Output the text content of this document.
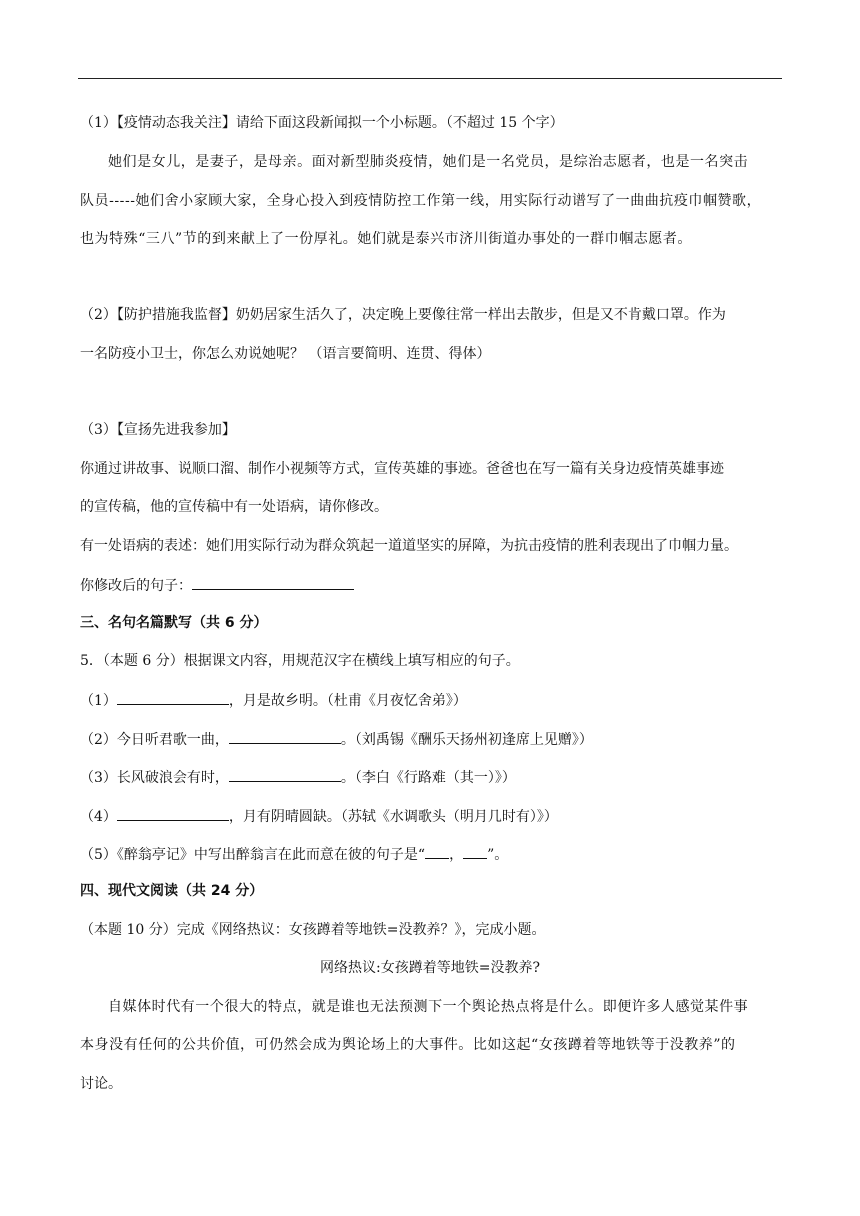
（1）【疫情动态我关注】请给下面这段新闻拟一个小标题。（不超过 15 个字）
她们是女儿，是妻子，是母亲。面对新型肺炎疫情，她们是一名党员，是综治志愿者，也是一名突击
队员-----她们舍小家顾大家，全身心投入到疫情防控工作第一线，用实际行动谱写了一曲曲抗疫巾帼赞歌，
也为特殊“三八”节的到来献上了一份厚礼。她们就是泰兴市济川街道办事处的一群巾帼志愿者。
（2）【防护措施我监督】奶奶居家生活久了，决定晚上要像往常一样出去散步，但是又不肯戴口罩。作为
一名防疫小卫士，你怎么劝说她呢？ （语言要简明、连贯、得体）
（3）【宣扬先进我参加】
你通过讲故事、说顺口溜、制作小视频等方式，宣传英雄的事迹。爸爸也在写一篇有关身边疫情英雄事迹
的宣传稿，他的宣传稿中有一处语病，请你修改。
有一处语病的表述：她们用实际行动为群众筑起一道道坚实的屏障，为抗击疫情的胜利表现出了巾帼力量。
你修改后的句子：
三、名句名篇默写（共 6 分）
5．（本题 6 分）根据课文内容，用规范汉字在横线上填写相应的句子。
（1）	，月是故乡明。（杜甫《月夜忆舍弟》）
（2）今日听君歌一曲，	。（刘禹锡《酬乐天扬州初逢席上见赠》）
（3）长风破浪会有时，	。（李白《行路难（其一）》）
（4）	，月有阴晴圆缺。（苏轼《水调歌头（明月几时有）》）
（5）《醉翁亭记》中写出醉翁言在此而意在彼的句子是“ ， ”。
四、现代文阅读（共 24 分）
（本题 10 分）完成《网络热议：女孩蹲着等地铁=没教养？》，完成小题。
网络热议:女孩蹲着等地铁=没教养?
自媒体时代有一个很大的特点，就是谁也无法预测下一个舆论热点将是什么。即便许多人感觉某件事
本身没有任何的公共价值，可仍然会成为舆论场上的大事件。比如这起“女孩蹲着等地铁等于没教养”的
讨论。
